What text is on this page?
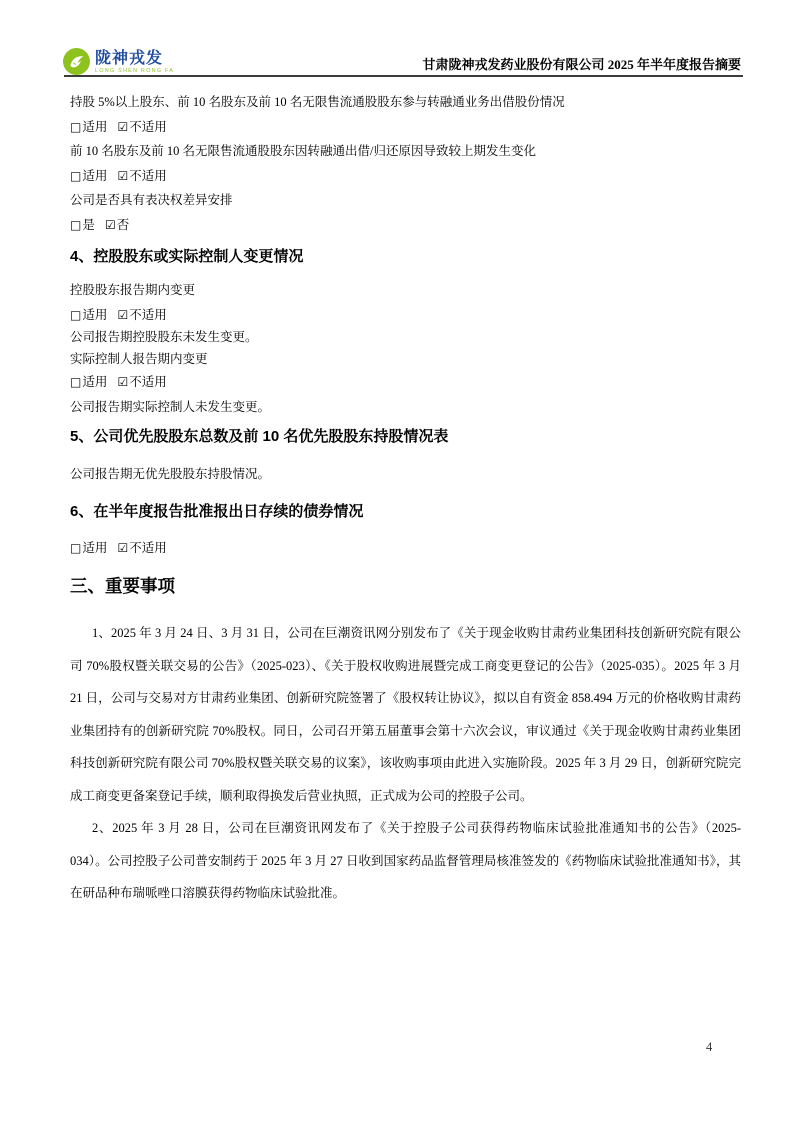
陇神戎发
LONG SHEN RONG FA	甘肃陇神戎发药业股份有限公司 2025 年半年度报告摘要

持股 5%以上股东、前 10 名股东及前 10 名无限售流通股股东参与转融通业务出借股份情况

□适用 ☑不适用

前 10 名股东及前 10 名无限售流通股股东因转融通出借/归还原因导致较上期发生变化

□适用 ☑不适用

公司是否具有表决权差异安排

□是 ☑否

4、控股股东或实际控制人变更情况

控股股东报告期内变更

□适用 ☑不适用

公司报告期控股股东未发生变更。

实际控制人报告期内变更

□适用 ☑不适用

公司报告期实际控制人未发生变更。

5、公司优先股股东总数及前 10 名优先股股东持股情况表

公司报告期无优先股股东持股情况。

6、在半年度报告批准报出日存续的债券情况

□适用 ☑不适用

三、重要事项

1、2025 年 3 月 24 日、3 月 31 日，公司在巨潮资讯网分别发布了《关于现金收购甘肃药业集团科技创新研究院有限公司 70%股权暨关联交易的公告》（2025-023）、《关于股权收购进展暨完成工商变更登记的公告》（2025-035）。2025 年 3 月 21 日，公司与交易对方甘肃药业集团、创新研究院签署了《股权转让协议》，拟以自有资金 858.494 万元的价格收购甘肃药业集团持有的创新研究院 70%股权。同日，公司召开第五届董事会第十六次会议，审议通过《关于现金收购甘肃药业集团科技创新研究院有限公司 70%股权暨关联交易的议案》，该收购事项由此进入实施阶段。2025 年 3 月 29 日，创新研究院完成工商变更备案登记手续，顺利取得换发后营业执照，正式成为公司的控股子公司。

2、2025 年 3 月 28 日，公司在巨潮资讯网发布了《关于控股子公司获得药物临床试验批准通知书的公告》（2025-034）。公司控股子公司普安制药于 2025 年 3 月 27 日收到国家药品监督管理局核准签发的《药物临床试验批准通知书》，其在研品种布瑞哌唑口溶膜获得药物临床试验批准。

4
